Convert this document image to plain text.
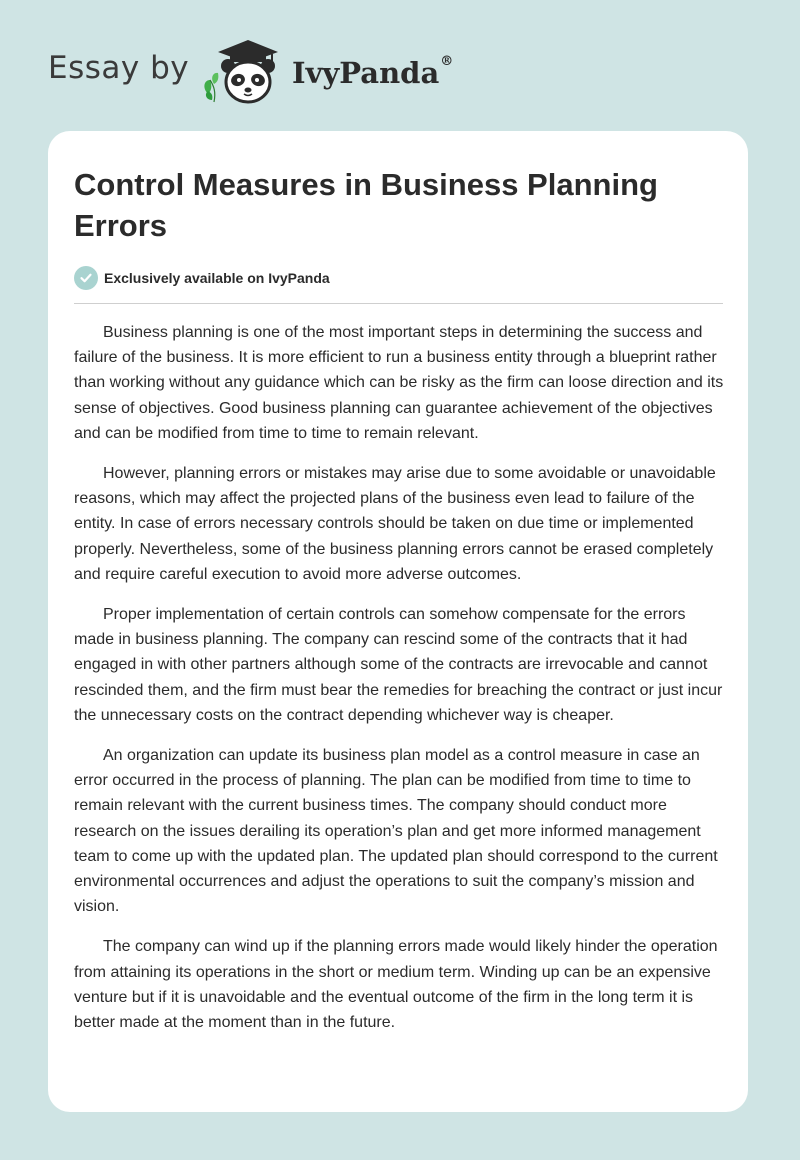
Essay by	IvyPanda®
Control Measures in Business Planning Errors
Exclusively available on IvyPanda

Business planning is one of the most important steps in determining the success and failure of the business. It is more efficient to run a business entity through a blueprint rather than working without any guidance which can be risky as the firm can loose direction and its sense of objectives. Good business planning can guarantee achievement of the objectives and can be modified from time to time to remain relevant.

However, planning errors or mistakes may arise due to some avoidable or unavoidable reasons, which may affect the projected plans of the business even lead to failure of the entity. In case of errors necessary controls should be taken on due time or implemented properly. Nevertheless, some of the business planning errors cannot be erased completely and require careful execution to avoid more adverse outcomes.

Proper implementation of certain controls can somehow compensate for the errors made in business planning. The company can rescind some of the contracts that it had engaged in with other partners although some of the contracts are irrevocable and cannot rescinded them, and the firm must bear the remedies for breaching the contract or just incur the unnecessary costs on the contract depending whichever way is cheaper.

An organization can update its business plan model as a control measure in case an error occurred in the process of planning. The plan can be modified from time to time to remain relevant with the current business times. The company should conduct more research on the issues derailing its operation’s plan and get more informed management team to come up with the updated plan. The updated plan should correspond to the current environmental occurrences and adjust the operations to suit the company’s mission and vision.

The company can wind up if the planning errors made would likely hinder the operation from attaining its operations in the short or medium term. Winding up can be an expensive venture but if it is unavoidable and the eventual outcome of the firm in the long term it is better made at the moment than in the future.
